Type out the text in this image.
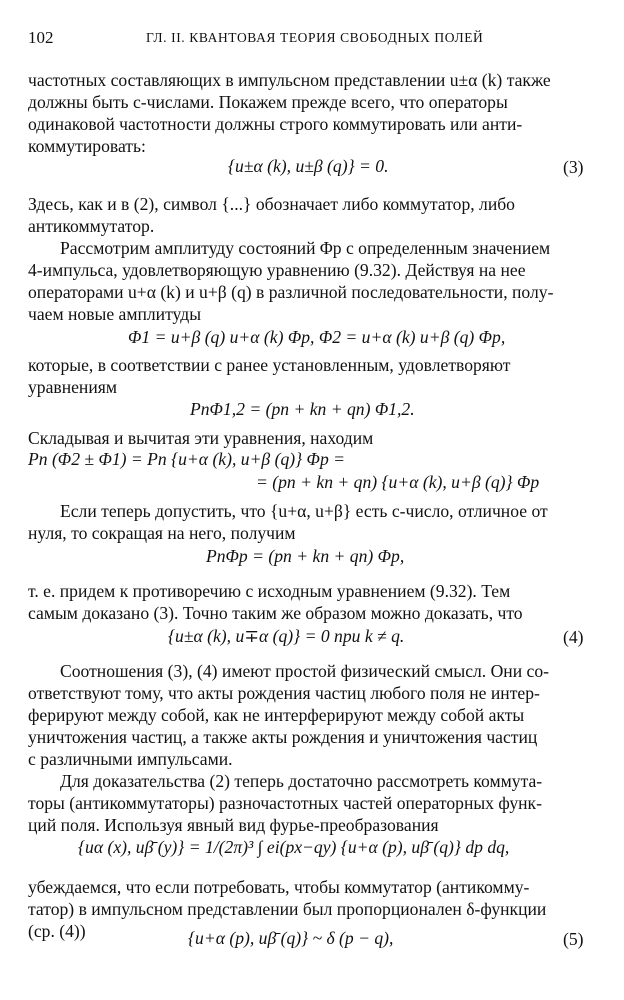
102	ГЛ. II. КВАНТОВАЯ ТЕОРИЯ СВОБОДНЫХ ПОЛЕЙ
частотных составляющих в импульсном представлении u±α (k) также
должны быть c-числами. Покажем прежде всего, что операторы
одинаковой частотности должны строго коммутировать или анти-
коммутировать:
{u±α (k), u±β (q)} = 0.	(3)
Здесь, как и в (2), символ {...} обозначает либо коммутатор, либо
антикоммутатор.
Рассмотрим амплитуду состояний Φp с определенным значением
4-импульса, удовлетворяющую уравнению (9.32). Действуя на нее
операторами u+α (k) и u+β (q) в различной последовательности, полу-
чаем новые амплитуды
Φ1 = u+β (q) u+α (k) Φp, Φ2 = u+α (k) u+β (q) Φp,
которые, в соответствии с ранее установленным, удовлетворяют
уравнениям
PnΦ1,2 = (pn + kn + qn) Φ1,2.
Складывая и вычитая эти уравнения, находим
Pn (Φ2 ± Φ1) = Pn {u+α (k), u+β (q)} Φp =
= (pn + kn + qn) {u+α (k), u+β (q)} Φp
Если теперь допустить, что {u+α, u+β} есть c-число, отличное от
нуля, то сокращая на него, получим
PnΦp = (pn + kn + qn) Φp,
т. е. придем к противоречию с исходным уравнением (9.32). Тем
самым доказано (3). Точно таким же образом можно доказать, что
{u±α (k), u∓α (q)} = 0 при k ≠ q.	(4)
Соотношения (3), (4) имеют простой физический смысл. Они со-
ответствуют тому, что акты рождения частиц любого поля не интер-
ферируют между собой, как не интерферируют между собой акты
уничтожения частиц, а также акты рождения и уничтожения частиц
с различными импульсами.
Для доказательства (2) теперь достаточно рассмотреть коммута-
торы (антикоммутаторы) разночастотных частей операторных функ-
ций поля. Используя явный вид фурье-преобразования
{uα (x), uβ̄ (y)} = 1/(2π)³ ∫ ei(px−qy) {u+α (p), uβ̄ (q)} dp dq,
убеждаемся, что если потребовать, чтобы коммутатор (антикомму-
татор) в импульсном представлении был пропорционален δ-функции
(ср. (4))	{u+α (p), uβ̄ (q)} ~ δ (p − q),	(5)
